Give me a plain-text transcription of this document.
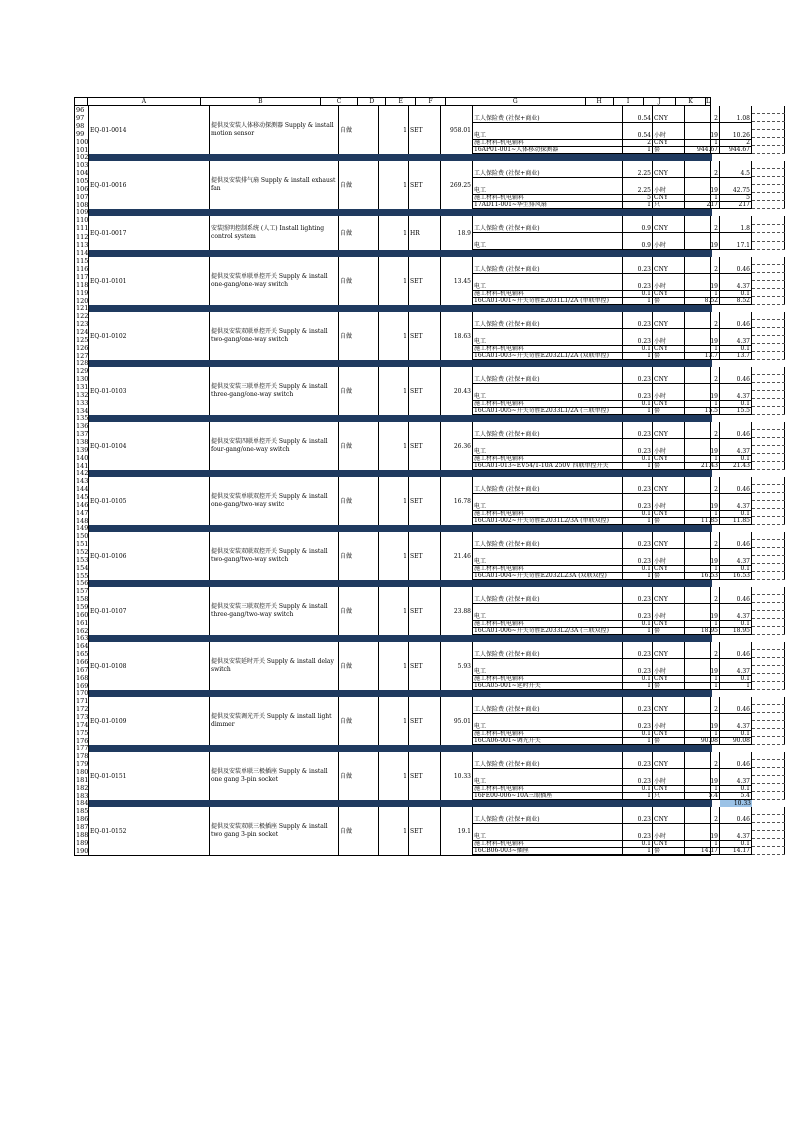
A	B	C	D	E	F	G	H	I	J	K	L
96
97
98
99
100
101
EQ-01-0014
提供及安装人体移动探测器 Supply & install motion sensor	自做	1 SET	958.01
工人保险费 (社保+商业)	0.54 CNY	2	1.08
电工	0.54 小时	19 10.26
施工材料-机电辅料	2 CNY	1	2
16AP01-001~人体移动探测器	1 套	944.67 944.67
102
103
104
105
106
107
108
EQ-01-0016
提供及安装排气扇 Supply & install exhaust fan	自做	1 SET	269.25
工人保险费 (社保+商业)	2.25 CNY	2	4.5
电工	2.25 小时	19 42.75
施工材料-机电辅料	5 CNY	1	5
17AD11-001~华生排风扇	1 只	217	217
109
110
111
112
113
EQ-01-0017
安装照明控制系统 (人工) Install lighting control system	自做	1 HR	18.9
工人保险费 (社保+商业)	0.9 CNY	2	1.8
电工	0.9 小时	19	17.1
114
115
116
117
118
119
120
EQ-01-0101
提供及安装单联单控开关 Supply & install one-gang/one-way switch	自做	1 SET	13.45
工人保险费 (社保+商业)	0.23 CNY	2	0.46
电工	0.23 小时	19	4.37
施工材料-机电辅料	0.1 CNY	1	0.1
16CA01-001~开关奇胜E2031L1/2A (单联单控)	1 套	8.52	8.52
121
122
123
124
125
126
127
EQ-01-0102
提供及安装双联单控开关 Supply & install two-gang/one-way switch	自做	1 SET	18.63
工人保险费 (社保+商业)	0.23 CNY	2	0.46
电工	0.23 小时	19	4.37
施工材料-机电辅料	0.1 CNY	1	0.1
16CA01-003~开关奇胜E2032L1/2A (双联单控)	1 套	13.7	13.7
128
129
130
131
132
133
134
EQ-01-0103
提供及安装三联单控开关 Supply & install three-gang/one-way switch	自做	1 SET	20.43
工人保险费 (社保+商业)	0.23 CNY	2	0.46
电工	0.23 小时	19	4.37
施工材料-机电辅料	0.1 CNY	1	0.1
16CA01-005~开关奇胜E2033L1/2A (三联单控)	1 套	15.5	15.5
135
136
137
138
139
140
141
EQ-01-0104
提供及安装四联单控开关 Supply & install four-gang/one-way switch	自做	1 SET	26.36
工人保险费 (社保+商业)	0.23 CNY	2	0.46
电工	0.23 小时	19	4.37
施工材料-机电辅料	0.1 CNY	1	0.1
16CA01-013~EV54/1-10A 250V 四联单控开关	1 套	21.43 21.43
142
143
144
145
146
147
148
EQ-01-0105
提供及安装单联双控开关 Supply & install one-gang/two-way switc	自做	1 SET	16.78
工人保险费 (社保+商业)	0.23 CNY	2	0.46
电工	0.23 小时	19	4.37
施工材料-机电辅料	0.1 CNY	1	0.1
16CA01-002~开关奇胜E2031L2/3A (单联双控)	1 套	11.85 11.85
149
150
151
152
153
154
155
EQ-01-0106
提供及安装双联双控开关 Supply & install two-gang/two-way switch	自做	1 SET	21.46
工人保险费 (社保+商业)	0.23 CNY	2	0.46
电工	0.23 小时	19	4.37
施工材料-机电辅料	0.1 CNY	1	0.1
16CA01-004~开关奇胜E2032L23A (双联双控)	1 套	16.53 16.53
156
157
158
159
160
161
162
EQ-01-0107
提供及安装三联双控开关 Supply & install three-gang/two-way switch	自做	1 SET	23.88
工人保险费 (社保+商业)	0.23 CNY	2	0.46
电工	0.23 小时	19	4.37
施工材料-机电辅料	0.1 CNY	1	0.1
16CA01-006~开关奇胜E2033L2/3A (三联双控)	1 套	18.95 18.95
163
164
165
166
167
168
169
EQ-01-0108
提供及安装延时开关 Supply & install delay switch	自做	1 SET	5.93
工人保险费 (社保+商业)	0.23 CNY	2	0.46
电工	0.23 小时	19	4.37
施工材料-机电辅料	0.1 CNY	1	0.1
16CA05-001~延时开关	1 套	1	1
170
171
172
173
174
175
176
EQ-01-0109
提供及安装调光开关 Supply & install light dimmer	自做	1 SET	95.01
工人保险费 (社保+商业)	0.23 CNY	2	0.46
电工	0.23 小时	19	4.37
施工材料-机电辅料	0.1 CNY	1	0.1
16CA06-001~调光开关	1 套	90.08 90.08
177
178
179
180
181
182
183
EQ-01-0151
提供及安装单联三极插座 Supply & install one gang 3-pin socket	自做	1 SET	10.33
工人保险费 (社保+商业)	0.23 CNY	2	0.46
电工	0.23 小时	19	4.37
施工材料-机电辅料	0.1 CNY	1	0.1
16FE00-006~10A三眼插座	1 只	5.4	5.4
184	10.33
185
186
187
188
189
190
EQ-01-0152
提供及安装双联三极插座 Supply & install two gang 3-pin socket	自做	1 SET	19.1
工人保险费 (社保+商业)	0.23 CNY	2	0.46
电工	0.23 小时	19	4.37
施工材料-机电辅料	0.1 CNY	1	0.1
16CB06-003~插座	1 套	14.17 14.17
